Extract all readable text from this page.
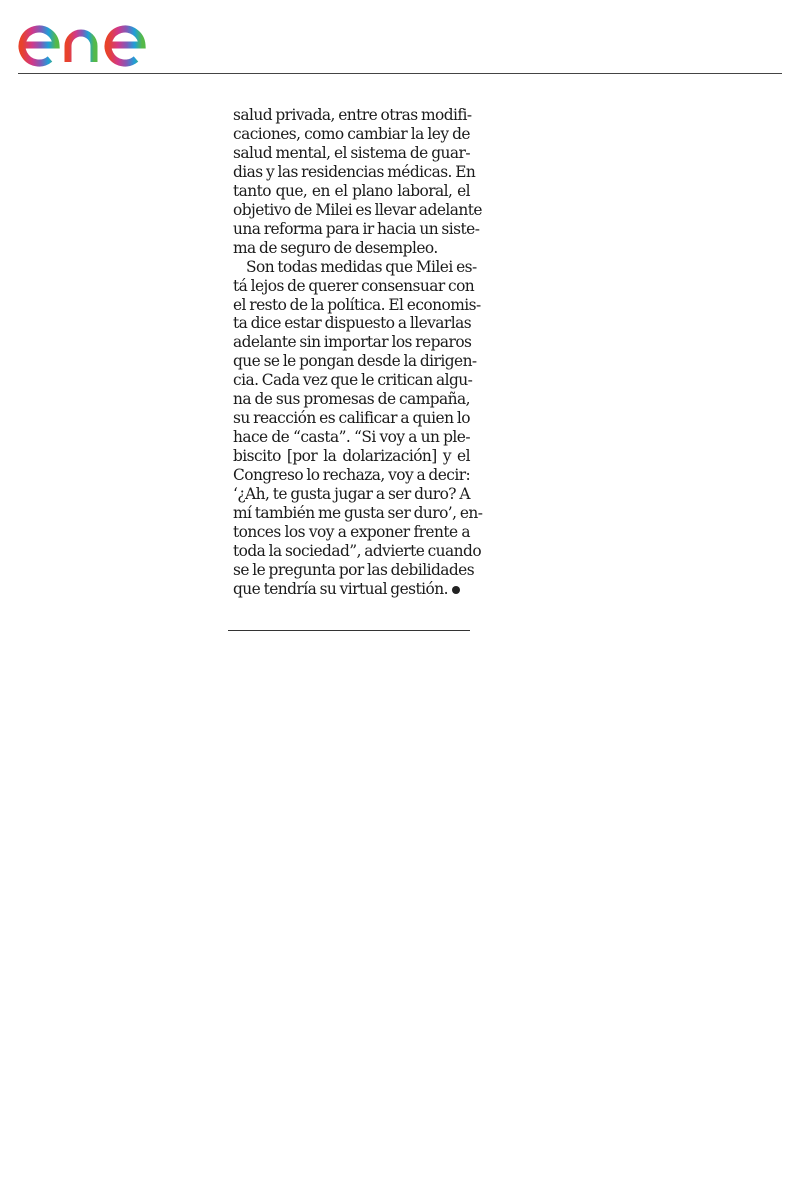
salud privada, entre otras modifi-
caciones, como cambiar la ley de
salud mental, el sistema de guar-
dias y las residencias médicas. En
tanto que, en el plano laboral, el
objetivo de Milei es llevar adelante
una reforma para ir hacia un siste-
ma de seguro de desempleo.
Son todas medidas que Milei es-
tá lejos de querer consensuar con
el resto de la política. El economis-
ta dice estar dispuesto a llevarlas
adelante sin importar los reparos
que se le pongan desde la dirigen-
cia. Cada vez que le critican algu-
na de sus promesas de campaña,
su reacción es calificar a quien lo
hace de “casta”. “Si voy a un ple-
biscito [por la dolarización] y el
Congreso lo rechaza, voy a decir:
‘¿Ah, te gusta jugar a ser duro? A
mí también me gusta ser duro’, en-
tonces los voy a exponer frente a
toda la sociedad”, advierte cuando
se le pregunta por las debilidades
que tendría su virtual gestión.
